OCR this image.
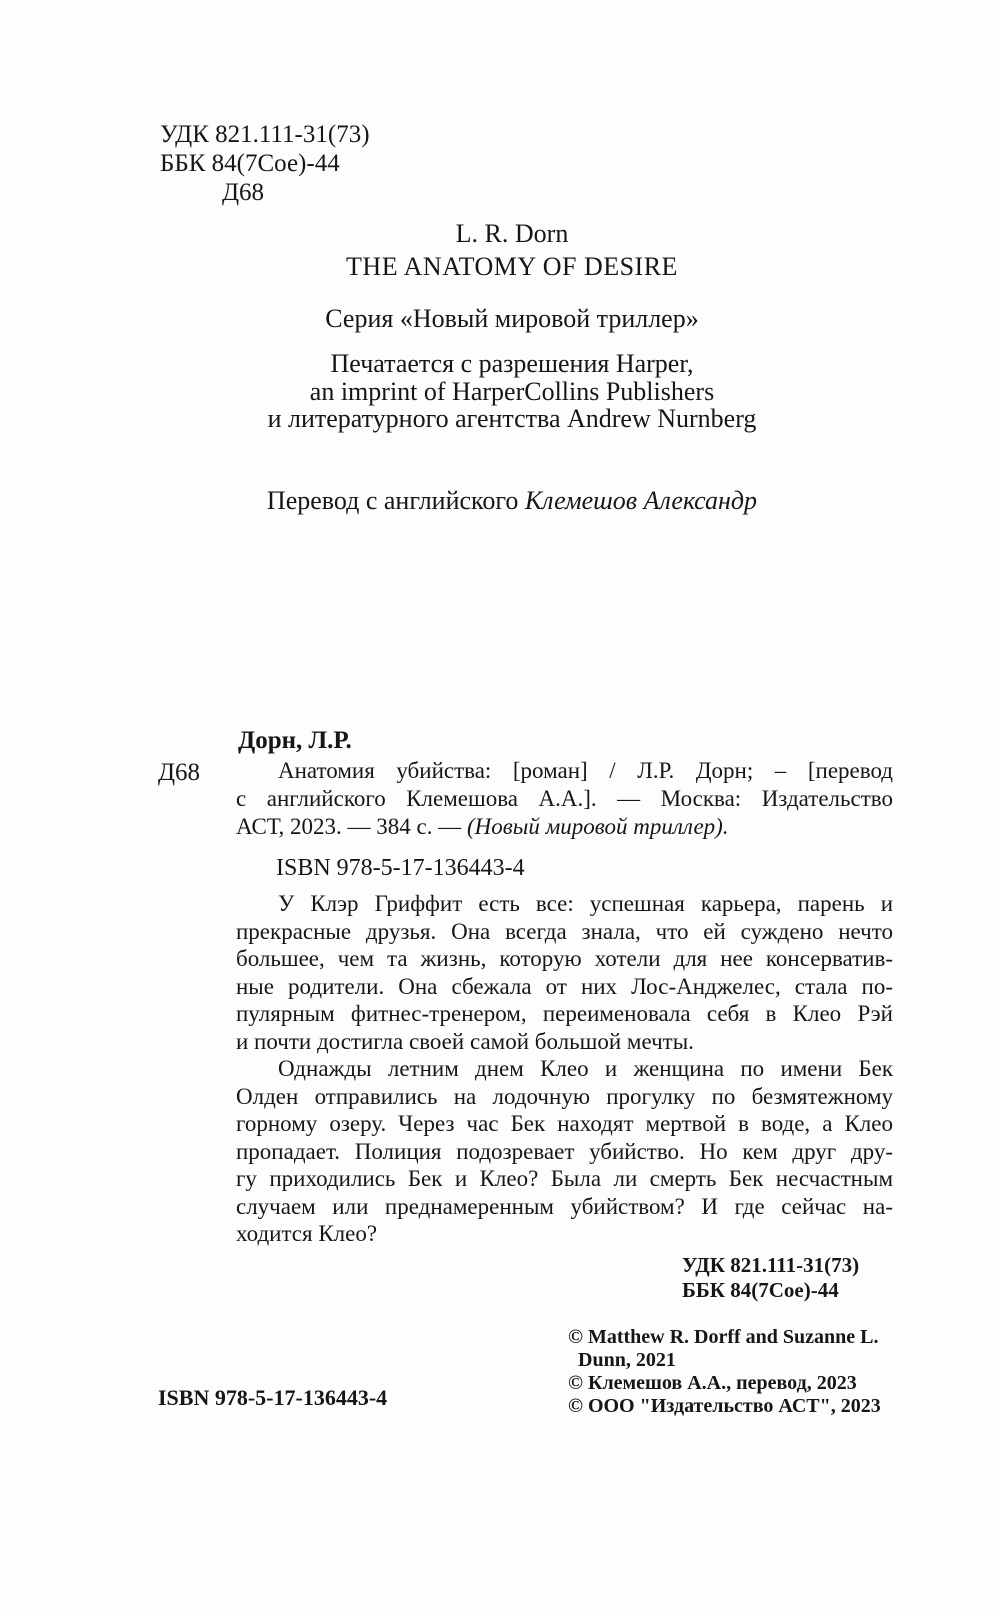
УДК 821.111-31(73)
ББК 84(7Сое)-44
Д68
L. R. Dorn
THE ANATOMY OF DESIRE
Серия «Новый мировой триллер»
Печатается с разрешения Harper,
an imprint of HarperCollins Publishers
и литературного агентства Andrew Nurnberg
Перевод с английского Клемешов Александр
Дорн, Л.Р.
Д68	Анатомия убийства: [роман] / Л.Р. Дорн; – [перевод
с английского Клемешова А.А.]. — Москва: Издательство
АСТ, 2023. — 384 с. — (Новый мировой триллер).
ISBN 978-5-17-136443-4
У Клэр Гриффит есть все: успешная карьера, парень и
прекрасные друзья. Она всегда знала, что ей суждено нечто
большее, чем та жизнь, которую хотели для нее консерватив-
ные родители. Она сбежала от них Лос-Анджелес, стала по-
пулярным фитнес-тренером, переименовала себя в Клео Рэй
и почти достигла своей самой большой мечты.
Однажды летним днем Клео и женщина по имени Бек
Олден отправились на лодочную прогулку по безмятежному
горному озеру. Через час Бек находят мертвой в воде, а Клео
пропадает. Полиция подозревает убийство. Но кем друг дру-
гу приходились Бек и Клео? Была ли смерть Бек несчастным
случаем или преднамеренным убийством? И где сейчас на-
ходится Клео?
УДК 821.111-31(73)
ББК 84(7Сое)-44
© Matthew R. Dorff and Suzanne L.
Dunn, 2021
© Клемешов А.А., перевод, 2023
© ООО "Издательство АСТ", 2023
ISBN 978-5-17-136443-4
